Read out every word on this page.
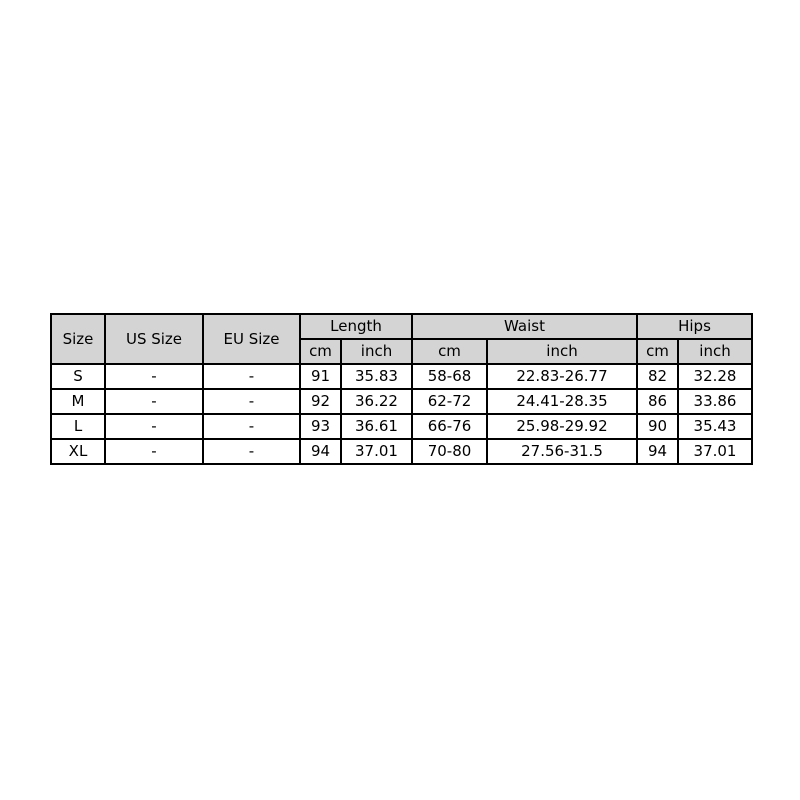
Size	US Size	EU Size	Length		Waist		Hips	
			cm	inch	cm	inch	cm	inch
S	-	-	91	35.83	58-68	22.83-26.77	82	32.28
M	-	-	92	36.22	62-72	24.41-28.35	86	33.86
L	-	-	93	36.61	66-76	25.98-29.92	90	35.43
XL	-	-	94	37.01	70-80	27.56-31.5	94	37.01
